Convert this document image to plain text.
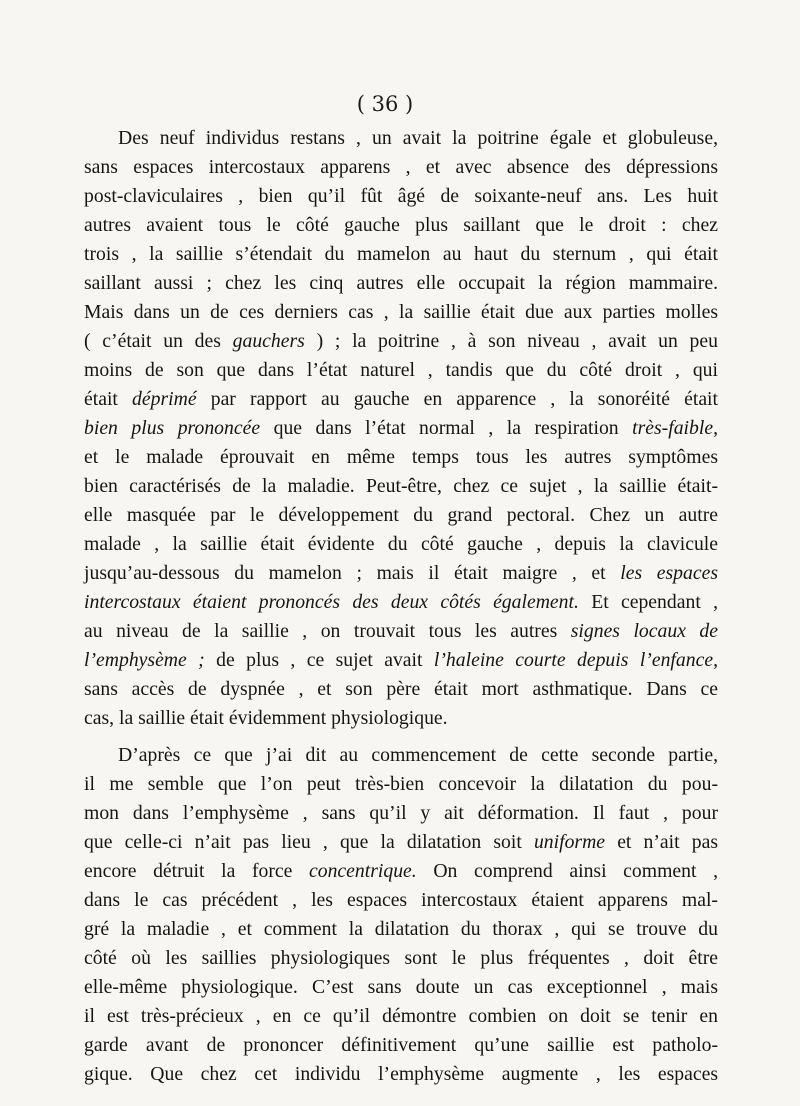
( 36 )
Des neuf individus restans , un avait la poitrine égale et globuleuse,
sans espaces intercostaux apparens , et avec absence des dépressions
post-claviculaires , bien qu’il fût âgé de soixante-neuf ans. Les huit
autres avaient tous le côté gauche plus saillant que le droit : chez
trois , la saillie s’étendait du mamelon au haut du sternum , qui était
saillant aussi ; chez les cinq autres elle occupait la région mammaire.
Mais dans un de ces derniers cas , la saillie était due aux parties molles
( c’était un des gauchers ) ; la poitrine , à son niveau , avait un peu
moins de son que dans l’état naturel , tandis que du côté droit , qui
était déprimé par rapport au gauche en apparence , la sonoréité était
bien plus prononcée que dans l’état normal , la respiration très-faible,
et le malade éprouvait en même temps tous les autres symptômes
bien caractérisés de la maladie. Peut-être, chez ce sujet , la saillie était-
elle masquée par le développement du grand pectoral. Chez un autre
malade , la saillie était évidente du côté gauche , depuis la clavicule
jusqu’au-dessous du mamelon ; mais il était maigre , et les espaces
intercostaux étaient prononcés des deux côtés également. Et cependant ,
au niveau de la saillie , on trouvait tous les autres signes locaux de
l’emphysème ; de plus , ce sujet avait l’haleine courte depuis l’enfance,
sans accès de dyspnée , et son père était mort asthmatique. Dans ce
cas, la saillie était évidemment physiologique.
D’après ce que j’ai dit au commencement de cette seconde partie,
il me semble que l’on peut très-bien concevoir la dilatation du pou-
mon dans l’emphysème , sans qu’il y ait déformation. Il faut , pour
que celle-ci n’ait pas lieu , que la dilatation soit uniforme et n’ait pas
encore détruit la force concentrique. On comprend ainsi comment ,
dans le cas précédent , les espaces intercostaux étaient apparens mal-
gré la maladie , et comment la dilatation du thorax , qui se trouve du
côté où les saillies physiologiques sont le plus fréquentes , doit être
elle-même physiologique. C’est sans doute un cas exceptionnel , mais
il est très-précieux , en ce qu’il démontre combien on doit se tenir en
garde avant de prononcer définitivement qu’une saillie est patholo-
gique. Que chez cet individu l’emphysème augmente , les espaces
